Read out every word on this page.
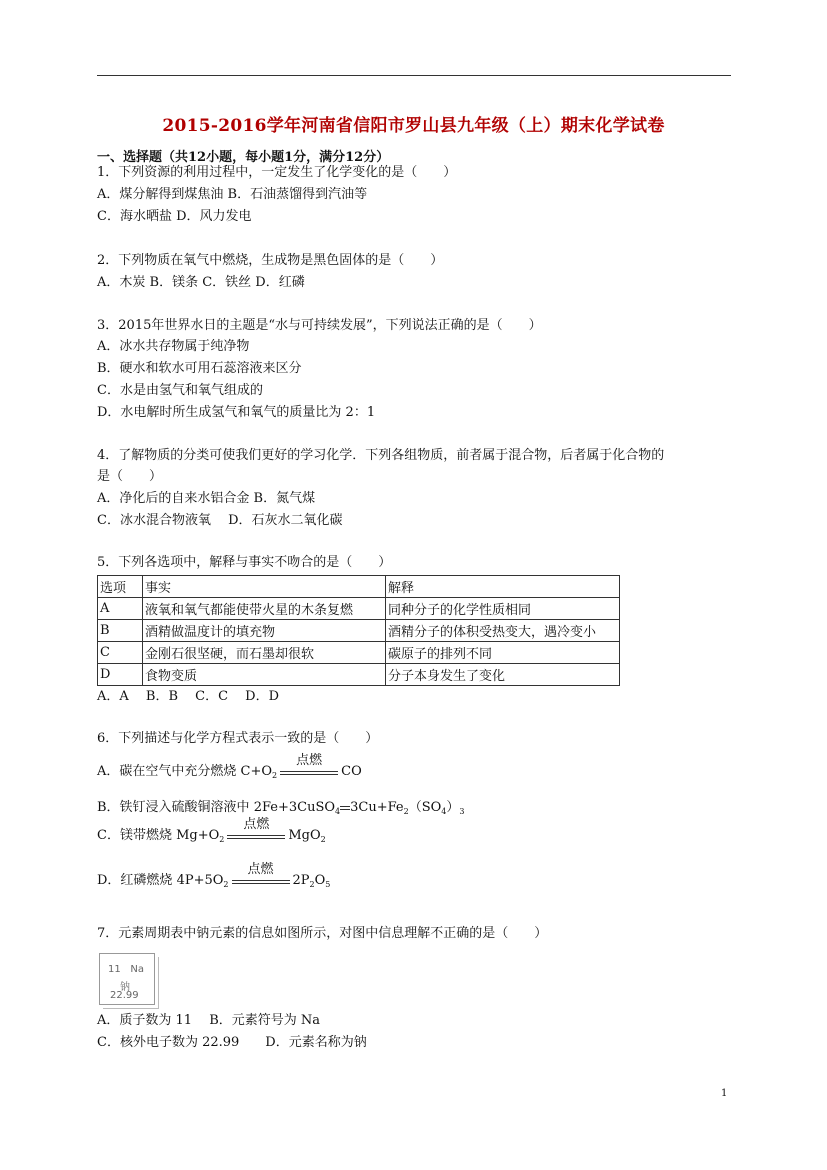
2015-2016学年河南省信阳市罗山县九年级（上）期末化学试卷
一、选择题（共12小题，每小题1分，满分12分）
1．下列资源的利用过程中，一定发生了化学变化的是（　　）
A．煤分解得到煤焦油 B．石油蒸馏得到汽油等
C．海水晒盐 D．风力发电
2．下列物质在氧气中燃烧，生成物是黑色固体的是（　　）
A．木炭 B．镁条 C．铁丝 D．红磷
3．2015年世界水日的主题是“水与可持续发展”，下列说法正确的是（　　）
A．冰水共存物属于纯净物
B．硬水和软水可用石蕊溶液来区分
C．水是由氢气和氧气组成的
D．水电解时所生成氢气和氧气的质量比为 2：1
4．了解物质的分类可使我们更好的学习化学．下列各组物质，前者属于混合物，后者属于化合物的
是（　　）
A．净化后的自来水铝合金 B．氮气煤
C．冰水混合物液氧　 D．石灰水二氧化碳
5．下列各选项中，解释与事实不吻合的是（　　）
选项	事实	解释
A	液氧和氧气都能使带火星的木条复燃	同种分子的化学性质相同
B	酒精做温度计的填充物	酒精分子的体积受热变大，遇冷变小
C	金刚石很坚硬，而石墨却很软	碳原子的排列不同
D	食物变质	分子本身发生了变化
A．A　 B．B　 C．C　 D．D
6．下列描述与化学方程式表示一致的是（　　）
A．碳在空气中充分燃烧 $C+O_2$
点燃
CO
B．铁钉浸入硫酸铜溶液中 2Fe+3CuSO$_4$ $3Cu+Fe_2(SO_4)_3$
C．镁带燃烧 $Mg+O_2$
点燃
MgO$_2$
D．红磷燃烧 $4P+5O_2$
点燃
$2P_2O_5$
7．元素周期表中钠元素的信息如图所示，对图中信息理解不正确的是（　　）
11 Na
钠
22.99
A．质子数为 11　 B．元素符号为 Na
C．核外电子数为 22.99　　D．元素名称为钠
1
